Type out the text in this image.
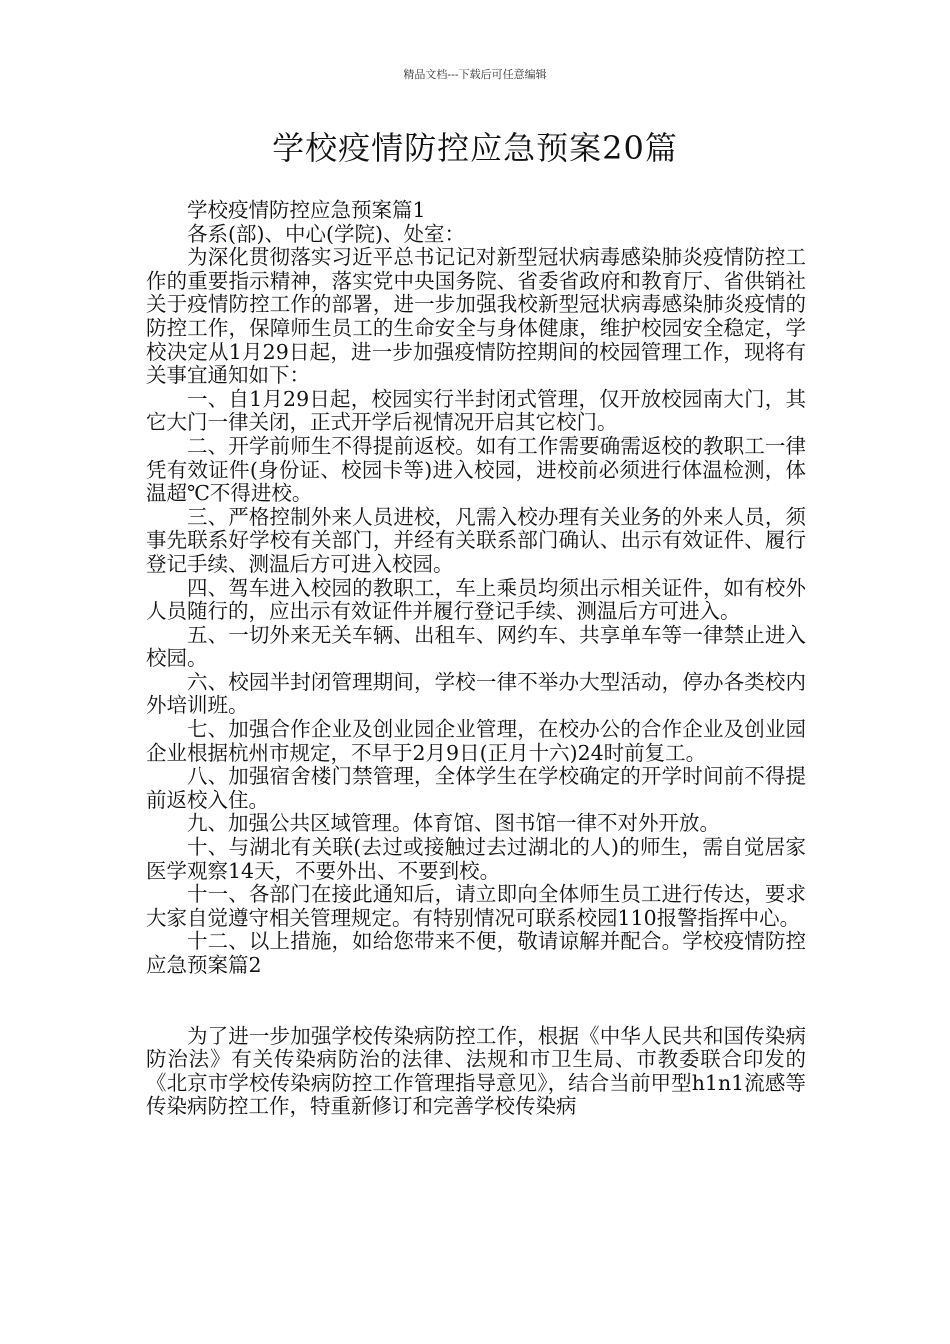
精品文档---下载后可任意编辑
学校疫情防控应急预案20篇

学校疫情防控应急预案篇1

各系(部)、中心(学院)、处室：

为深化贯彻落实习近平总书记记对新型冠状病毒感染肺炎疫情防控工作的重要指示精神，落实党中央国务院、省委省政府和教育厅、省供销社关于疫情防控工作的部署，进一步加强我校新型冠状病毒感染肺炎疫情的防控工作，保障师生员工的生命安全与身体健康，维护校园安全稳定，学校决定从1月29日起，进一步加强疫情防控期间的校园管理工作，现将有关事宜通知如下：

一、自1月29日起，校园实行半封闭式管理，仅开放校园南大门，其它大门一律关闭，正式开学后视情况开启其它校门。

二、开学前师生不得提前返校。如有工作需要确需返校的教职工一律凭有效证件(身份证、校园卡等)进入校园，进校前必须进行体温检测，体温超℃不得进校。

三、严格控制外来人员进校，凡需入校办理有关业务的外来人员，须事先联系好学校有关部门，并经有关联系部门确认、出示有效证件、履行登记手续、测温后方可进入校园。

四、驾车进入校园的教职工，车上乘员均须出示相关证件，如有校外人员随行的，应出示有效证件并履行登记手续、测温后方可进入。

五、一切外来无关车辆、出租车、网约车、共享单车等一律禁止进入校园。

六、校园半封闭管理期间，学校一律不举办大型活动，停办各类校内外培训班。

七、加强合作企业及创业园企业管理，在校办公的合作企业及创业园企业根据杭州市规定，不早于2月9日(正月十六)24时前复工。

八、加强宿舍楼门禁管理，全体学生在学校确定的开学时间前不得提前返校入住。

九、加强公共区域管理。体育馆、图书馆一律不对外开放。

十、与湖北有关联(去过或接触过去过湖北的人)的师生，需自觉居家医学观察14天，不要外出、不要到校。

十一、各部门在接此通知后，请立即向全体师生员工进行传达，要求大家自觉遵守相关管理规定。有特别情况可联系校园110报警指挥中心。

十二、以上措施，如给您带来不便，敬请谅解并配合。学校疫情防控应急预案篇2

为了进一步加强学校传染病防控工作，根据《中华人民共和国传染病防治法》有关传染病防治的法律、法规和市卫生局、市教委联合印发的《北京市学校传染病防控工作管理指导意见》，结合当前甲型h1n1流感等传染病防控工作，特重新修订和完善学校传染病
